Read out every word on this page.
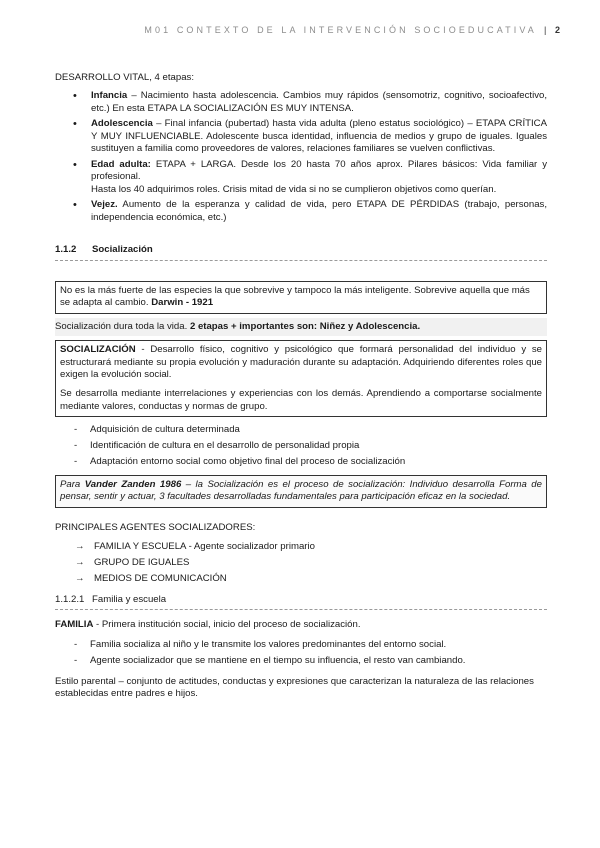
M01 CONTEXTO DE LA INTERVENCIÓN SOCIOEDUCATIVA | 2

DESARROLLO VITAL, 4 etapas:

• Infancia – Nacimiento hasta adolescencia. Cambios muy rápidos (sensomotriz, cognitivo, socioafectivo, etc.) En esta ETAPA LA SOCIALIZACIÓN ES MUY INTENSA.
• Adolescencia – Final infancia (pubertad) hasta vida adulta (pleno estatus sociológico) – ETAPA CRÍTICA Y MUY INFLUENCIABLE. Adolescente busca identidad, influencia de medios y grupo de iguales. Iguales sustituyen a familia como proveedores de valores, relaciones familiares se vuelven conflictivas.
• Edad adulta: ETAPA + LARGA. Desde los 20 hasta 70 años aprox. Pilares básicos: Vida familiar y profesional.
Hasta los 40 adquirimos roles. Crisis mitad de vida si no se cumplieron objetivos como querían.
• Vejez. Aumento de la esperanza y calidad de vida, pero ETAPA DE PÉRDIDAS (trabajo, personas, independencia económica, etc.)
1.1.2 Socialización
No es la más fuerte de las especies la que sobrevive y tampoco la más inteligente. Sobrevive aquella que más se adapta al cambio. Darwin - 1921
Socialización dura toda la vida. 2 etapas + importantes son: Niñez y Adolescencia.

SOCIALIZACIÓN - Desarrollo físico, cognitivo y psicológico que formará personalidad del individuo y se estructurará mediante su propia evolución y maduración durante su adaptación. Adquiriendo diferentes roles que exigen la evolución social.

Se desarrolla mediante interrelaciones y experiencias con los demás. Aprendiendo a comportarse socialmente mediante valores, conductas y normas de grupo.

- Adquisición de cultura determinada
- Identificación de cultura en el desarrollo de personalidad propia
- Adaptación entorno social como objetivo final del proceso de socialización
Para Vander Zanden 1986 – la Socialización es el proceso de socialización: Individuo desarrolla Forma de pensar, sentir y actuar, 3 facultades desarrolladas fundamentales para participación eficaz en la sociedad.

PRINCIPALES AGENTES SOCIALIZADORES:

→ FAMILIA Y ESCUELA - Agente socializador primario
→ GRUPO DE IGUALES
→ MEDIOS DE COMUNICACIÓN
1.1.2.1 Familia y escuela

FAMILIA - Primera institución social, inicio del proceso de socialización.

- Familia socializa al niño y le transmite los valores predominantes del entorno social.
- Agente socializador que se mantiene en el tiempo su influencia, el resto van cambiando.

Estilo parental – conjunto de actitudes, conductas y expresiones que caracterizan la naturaleza de las relaciones establecidas entre padres e hijos.
